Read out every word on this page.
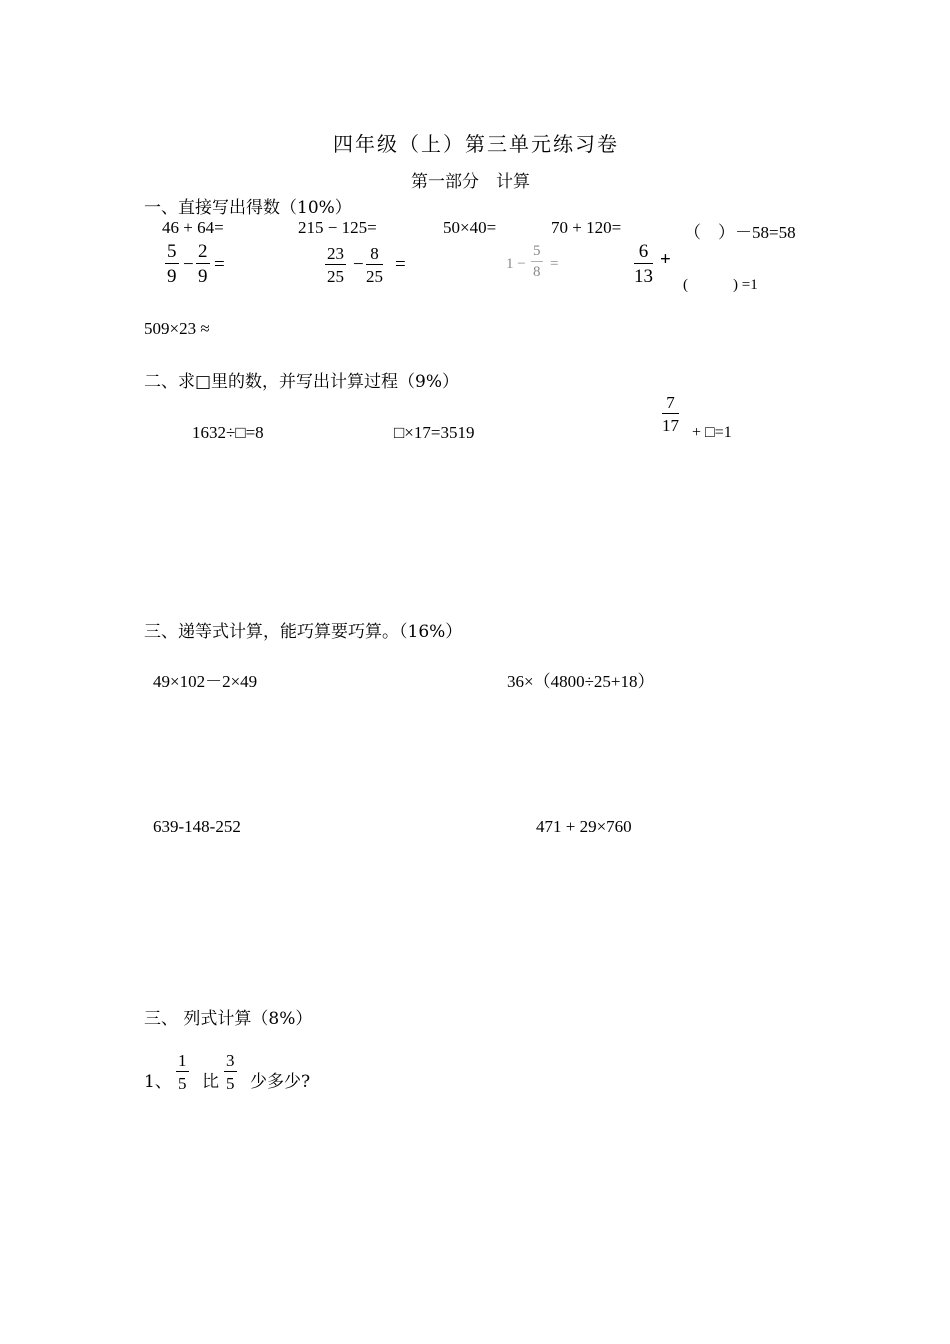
四年级（上）第三单元练习卷
第一部分　计算
一、直接写出得数（10%）
46 + 64=	215 − 125=	50×40=	70 + 120=	（　）－58=58
5
9
−
2
9
=
23
25
−
8
25
=	1 −
5
8 =
6
13
+
(　　　) =1
509×23 ≈
二、求□里的数，并写出计算过程（9%）
1632÷□=8	□×17=3519
7
17 + □=1
三、递等式计算，能巧算要巧算。（16%）
49×102－2×49	36×（4800÷25+18）
639-148-252	471 + 29×760
三、 列式计算（8%）
1、
1
5 比
3
5 少多少?
